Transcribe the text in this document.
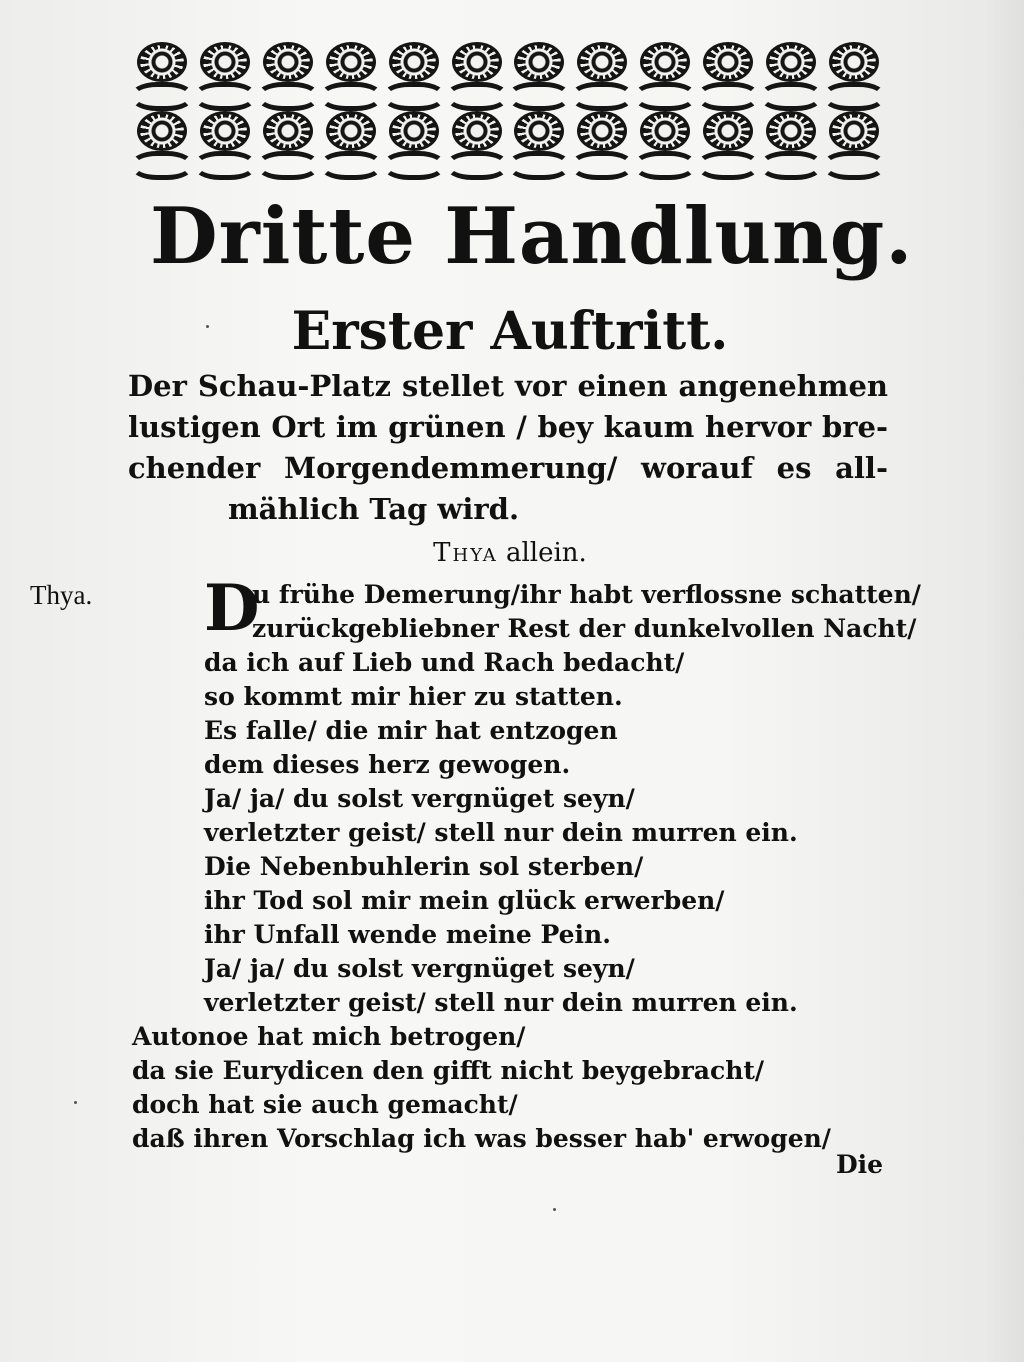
Dritte Handlung.
Erster Auftritt.
Der Schau-Platz stellet vor einen angenehmen
lustigen Ort im grünen / bey kaum hervor bre-
chender Morgendemmerung/ worauf es all-
mählich Tag wird.
Thya allein.
Thya. D
u frühe Demerung/ihr habt verflossne schatten/
zurückgebliebner Rest der dunkelvollen Nacht/
da ich auf Lieb und Rach bedacht/
so kommt mir hier zu statten.
Es falle/ die mir hat entzogen
dem dieses herz gewogen.
Ja/ ja/ du solst vergnüget seyn/
verletzter geist/ stell nur dein murren ein.
Die Nebenbuhlerin sol sterben/
ihr Tod sol mir mein glück erwerben/
ihr Unfall wende meine Pein.
Ja/ ja/ du solst vergnüget seyn/
verletzter geist/ stell nur dein murren ein.
Autonoe hat mich betrogen/
da sie Eurydicen den gifft nicht beygebracht/
doch hat sie auch gemacht/
daß ihren Vorschlag ich was besser hab' erwogen/
Die
